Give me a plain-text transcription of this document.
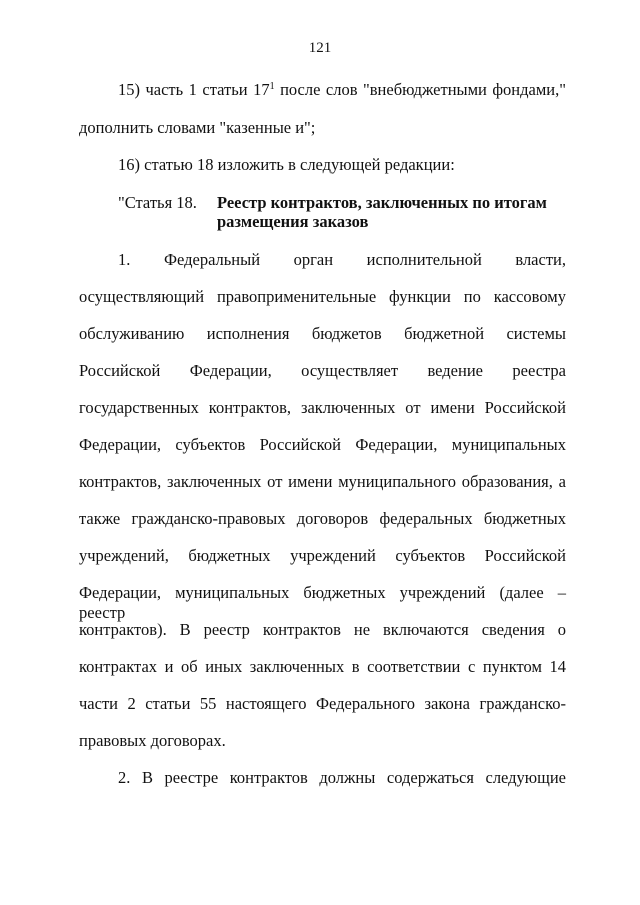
121
15) часть 1 статьи $17^1$ после слов "внебюджетными фондами,"
дополнить словами "казенные и";
16) статью 18 изложить в следующей редакции:
"Статья 18. Реестр контрактов, заключенных по итогам
размещения заказов
1. Федеральный орган исполнительной власти,
осуществляющий правоприменительные функции по кассовому
обслуживанию исполнения бюджетов бюджетной системы
Российской Федерации, осуществляет ведение реестра
государственных контрактов, заключенных от имени Российской
Федерации, субъектов Российской Федерации, муниципальных
контрактов, заключенных от имени муниципального образования, а
также гражданско-правовых договоров федеральных бюджетных
учреждений, бюджетных учреждений субъектов Российской
Федерации, муниципальных бюджетных учреждений (далее – реестр
контрактов). В реестр контрактов не включаются сведения о
контрактах и об иных заключенных в соответствии с пунктом 14
части 2 статьи 55 настоящего Федерального закона гражданско-
правовых договорах.
2. В реестре контрактов должны содержаться следующие
